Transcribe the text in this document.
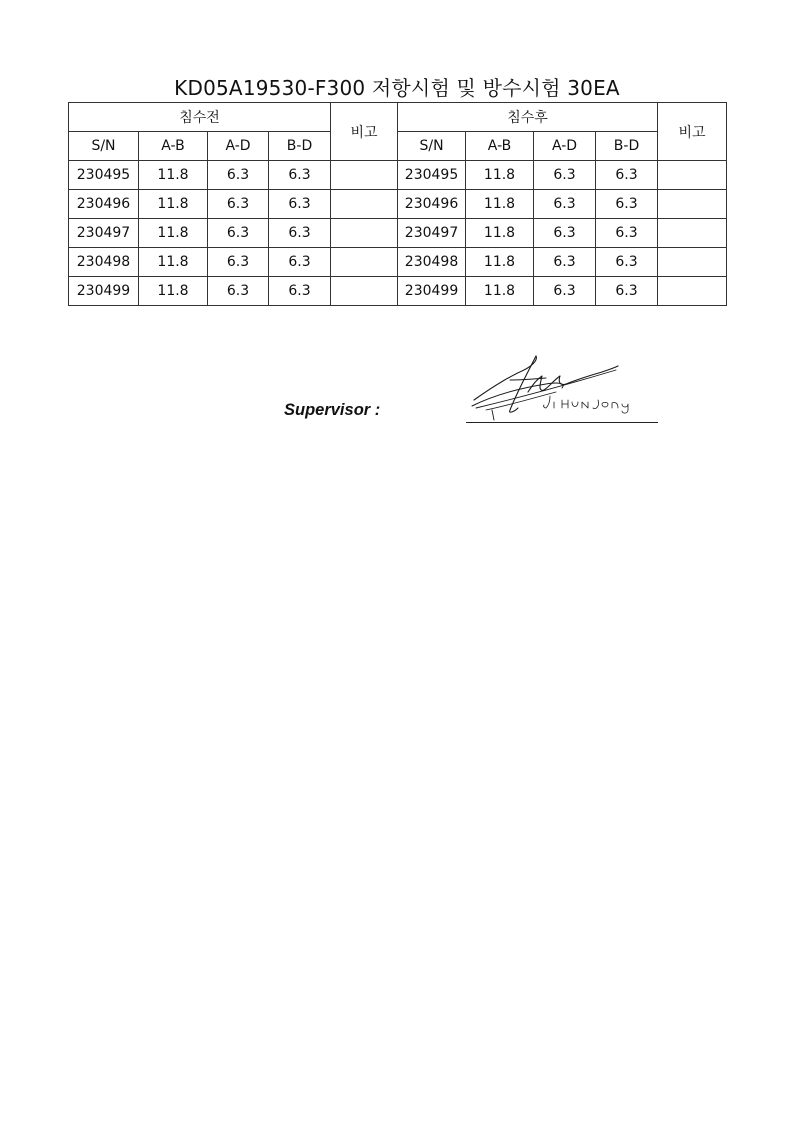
KD05A19530-F300 저항시험 및 방수시험 30EA
침수전				비고	침수후				비고
S/N	A-B	A-D	B-D		S/N	A-B	A-D	B-D	
230495	11.8	6.3	6.3		230495	11.8	6.3	6.3	
230496	11.8	6.3	6.3		230496	11.8	6.3	6.3	
230497	11.8	6.3	6.3		230497	11.8	6.3	6.3	
230498	11.8	6.3	6.3		230498	11.8	6.3	6.3	
230499	11.8	6.3	6.3		230499	11.8	6.3	6.3	
Supervisor :
